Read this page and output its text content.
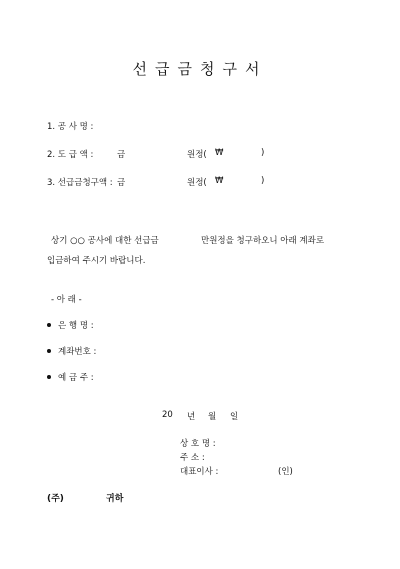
선급금청구서
1. 공 사 명 :
2. 도 급 액 :	금	원정( ₩	)
3. 선급금청구액 : 금	원정( ₩	)
상기 ○○ 공사에 대한 선급금	만원정을 청구하오니 아래 계좌로
입금하여 주시기 바랍니다.
- 아 래 -
은 행 명 :
계좌번호 :
예 금 주 :
20 년 월 일
상 호 명 :
주 소 :
대표이사 :	(인)
(주)	귀하
